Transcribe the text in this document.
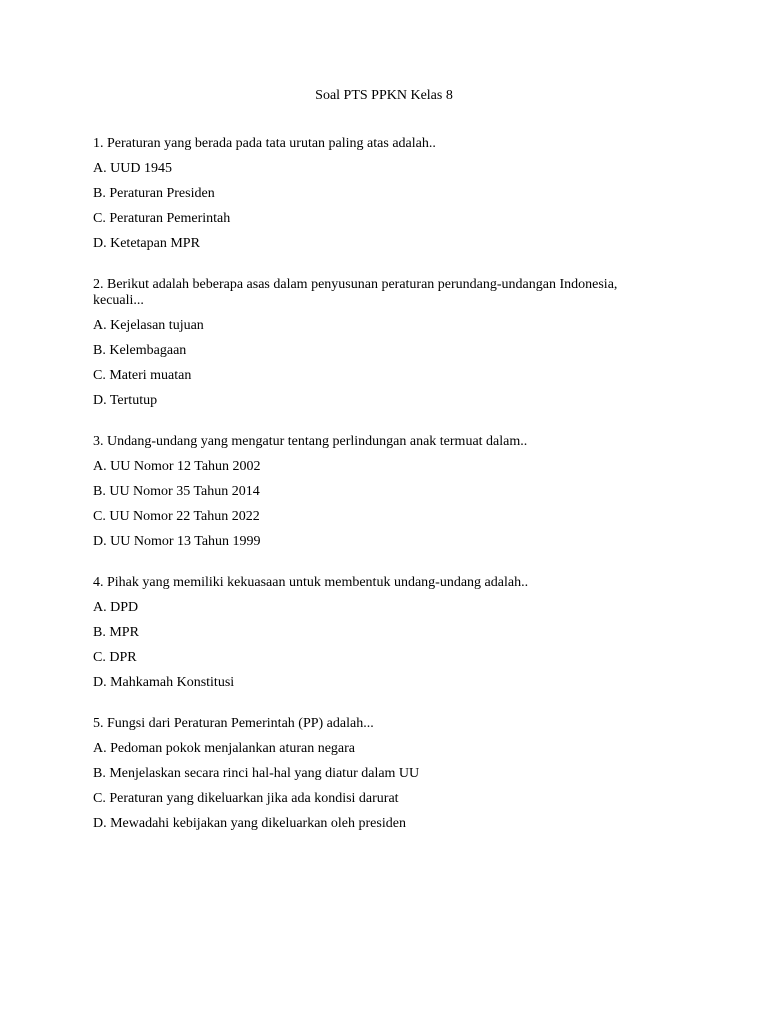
Soal PTS PPKN Kelas 8

1. Peraturan yang berada pada tata urutan paling atas adalah..

A. UUD 1945
B. Peraturan Presiden
C. Peraturan Pemerintah
D. Ketetapan MPR

2. Berikut adalah beberapa asas dalam penyusunan peraturan perundang-undangan Indonesia, kecuali...

A. Kejelasan tujuan
B. Kelembagaan
C. Materi muatan
D. Tertutup

3. Undang-undang yang mengatur tentang perlindungan anak termuat dalam..

A. UU Nomor 12 Tahun 2002
B. UU Nomor 35 Tahun 2014
C. UU Nomor 22 Tahun 2022
D. UU Nomor 13 Tahun 1999

4. Pihak yang memiliki kekuasaan untuk membentuk undang-undang adalah..

A. DPD
B. MPR
C. DPR
D. Mahkamah Konstitusi

5. Fungsi dari Peraturan Pemerintah (PP) adalah...

A. Pedoman pokok menjalankan aturan negara
B. Menjelaskan secara rinci hal-hal yang diatur dalam UU
C. Peraturan yang dikeluarkan jika ada kondisi darurat
D. Mewadahi kebijakan yang dikeluarkan oleh presiden
